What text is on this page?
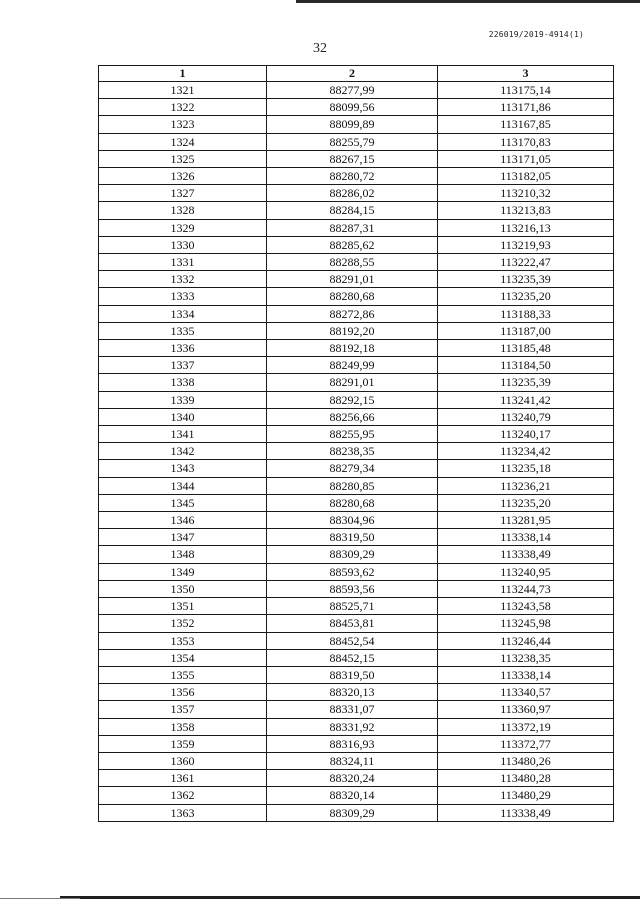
226019/2019-4914(1)
32
1	2	3
1321	88277,99	113175,14
1322	88099,56	113171,86
1323	88099,89	113167,85
1324	88255,79	113170,83
1325	88267,15	113171,05
1326	88280,72	113182,05
1327	88286,02	113210,32
1328	88284,15	113213,83
1329	88287,31	113216,13
1330	88285,62	113219,93
1331	88288,55	113222,47
1332	88291,01	113235,39
1333	88280,68	113235,20
1334	88272,86	113188,33
1335	88192,20	113187,00
1336	88192,18	113185,48
1337	88249,99	113184,50
1338	88291,01	113235,39
1339	88292,15	113241,42
1340	88256,66	113240,79
1341	88255,95	113240,17
1342	88238,35	113234,42
1343	88279,34	113235,18
1344	88280,85	113236,21
1345	88280,68	113235,20
1346	88304,96	113281,95
1347	88319,50	113338,14
1348	88309,29	113338,49
1349	88593,62	113240,95
1350	88593,56	113244,73
1351	88525,71	113243,58
1352	88453,81	113245,98
1353	88452,54	113246,44
1354	88452,15	113238,35
1355	88319,50	113338,14
1356	88320,13	113340,57
1357	88331,07	113360,97
1358	88331,92	113372,19
1359	88316,93	113372,77
1360	88324,11	113480,26
1361	88320,24	113480,28
1362	88320,14	113480,29
1363	88309,29	113338,49
